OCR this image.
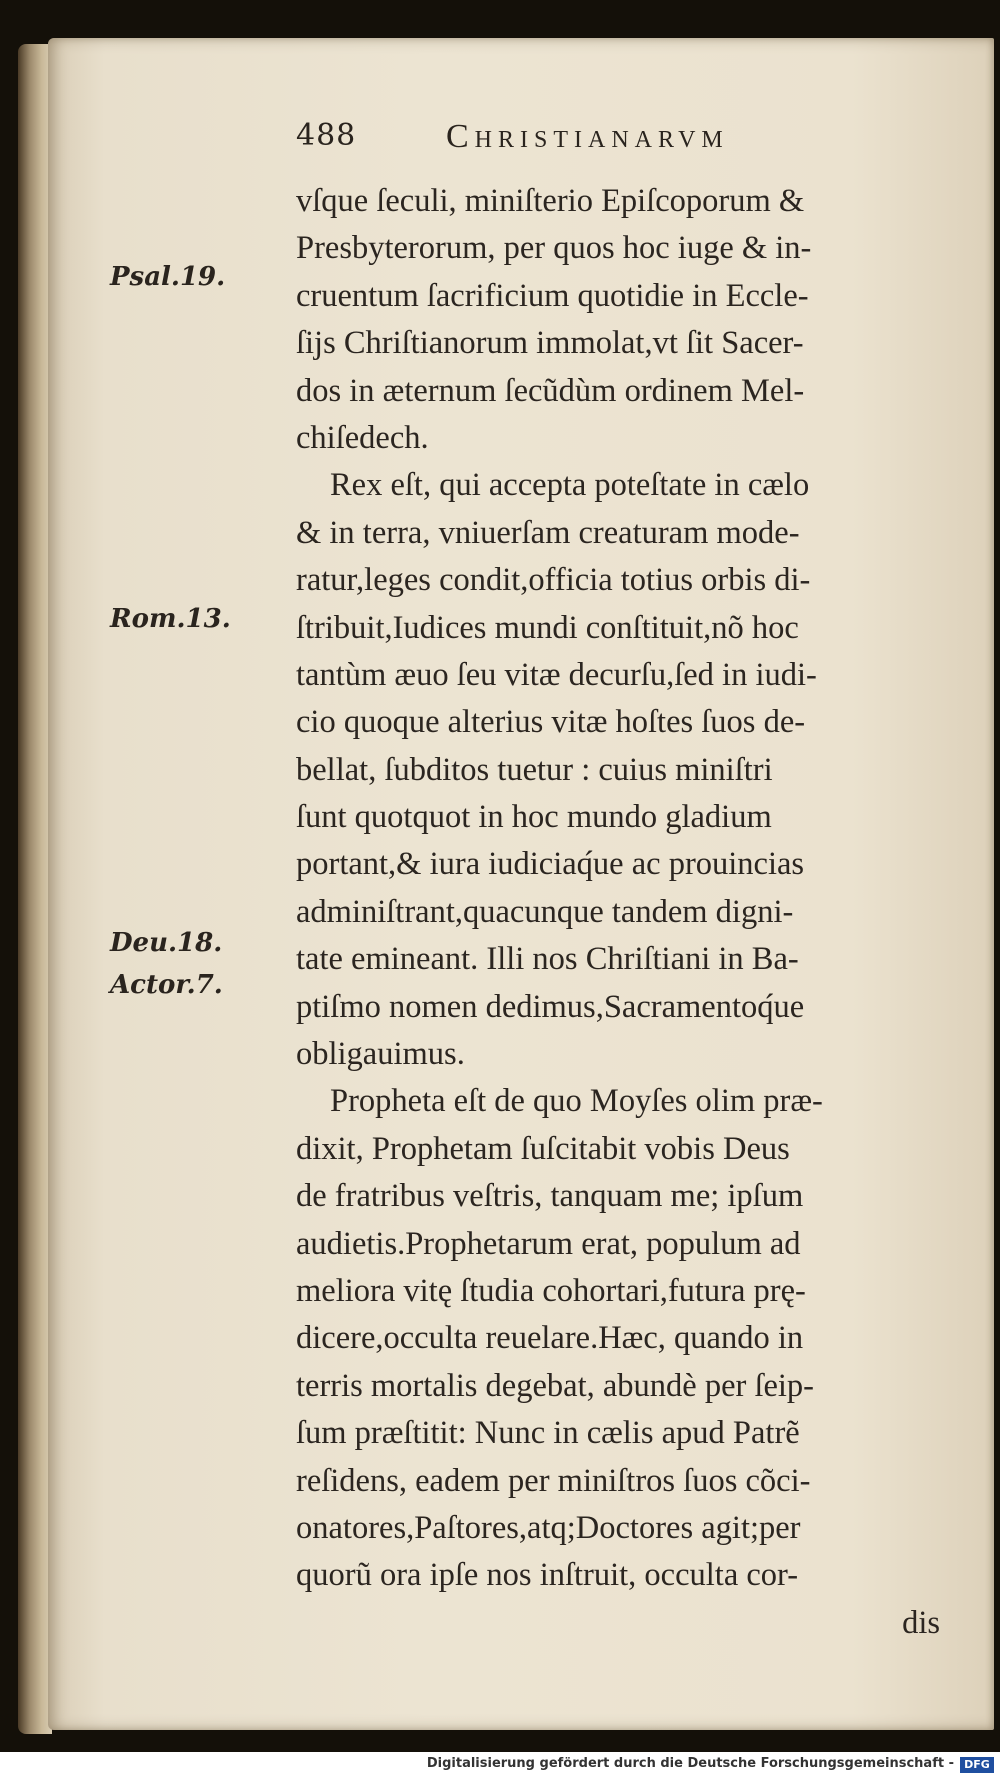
488	Christianarvm
Psal.19.
Rom.13.
Deu.18.
Actor.7.
vſque ſeculi, miniſterio Epiſcoporum &
Presbyterorum, per quos hoc iuge & in-
cruentum ſacrificium quotidie in Eccle-
ſijs Chriſtianorum immolat,vt ſit Sacer-
dos in æternum ſecũdùm ordinem Mel-
chiſedech.
Rex eſt, qui accepta poteſtate in cælo
& in terra, vniuerſam creaturam mode-
ratur,leges condit,officia totius orbis di-
ſtribuit,Iudices mundi conſtituit,nõ hoc
tantùm æuo ſeu vitæ decurſu,ſed in iudi-
cio quoque alterius vitæ hoſtes ſuos de-
bellat, ſubditos tuetur : cuius miniſtri
ſunt quotquot in hoc mundo gladium
portant,& iura iudiciaq́ue ac prouincias
adminiſtrant,quacunque tandem digni-
tate emineant. Illi nos Chriſtiani in Ba-
ptiſmo nomen dedimus,Sacramentoq́ue
obligauimus.
Propheta eſt de quo Moyſes olim præ-
dixit, Prophetam ſuſcitabit vobis Deus
de fratribus veſtris, tanquam me; ipſum
audietis.Prophetarum erat, populum ad
meliora vitę ſtudia cohortari,futura prę-
dicere,occulta reuelare.Hæc, quando in
terris mortalis degebat, abundè per ſeip-
ſum præſtitit: Nunc in cælis apud Patrẽ
reſidens, eadem per miniſtros ſuos cõci-
onatores,Paſtores,atq;Doctores agit;per
quorũ ora ipſe nos inſtruit, occulta cor-
dis
Digitalisierung gefördert durch die Deutsche Forschungsgemeinschaft - DFG
